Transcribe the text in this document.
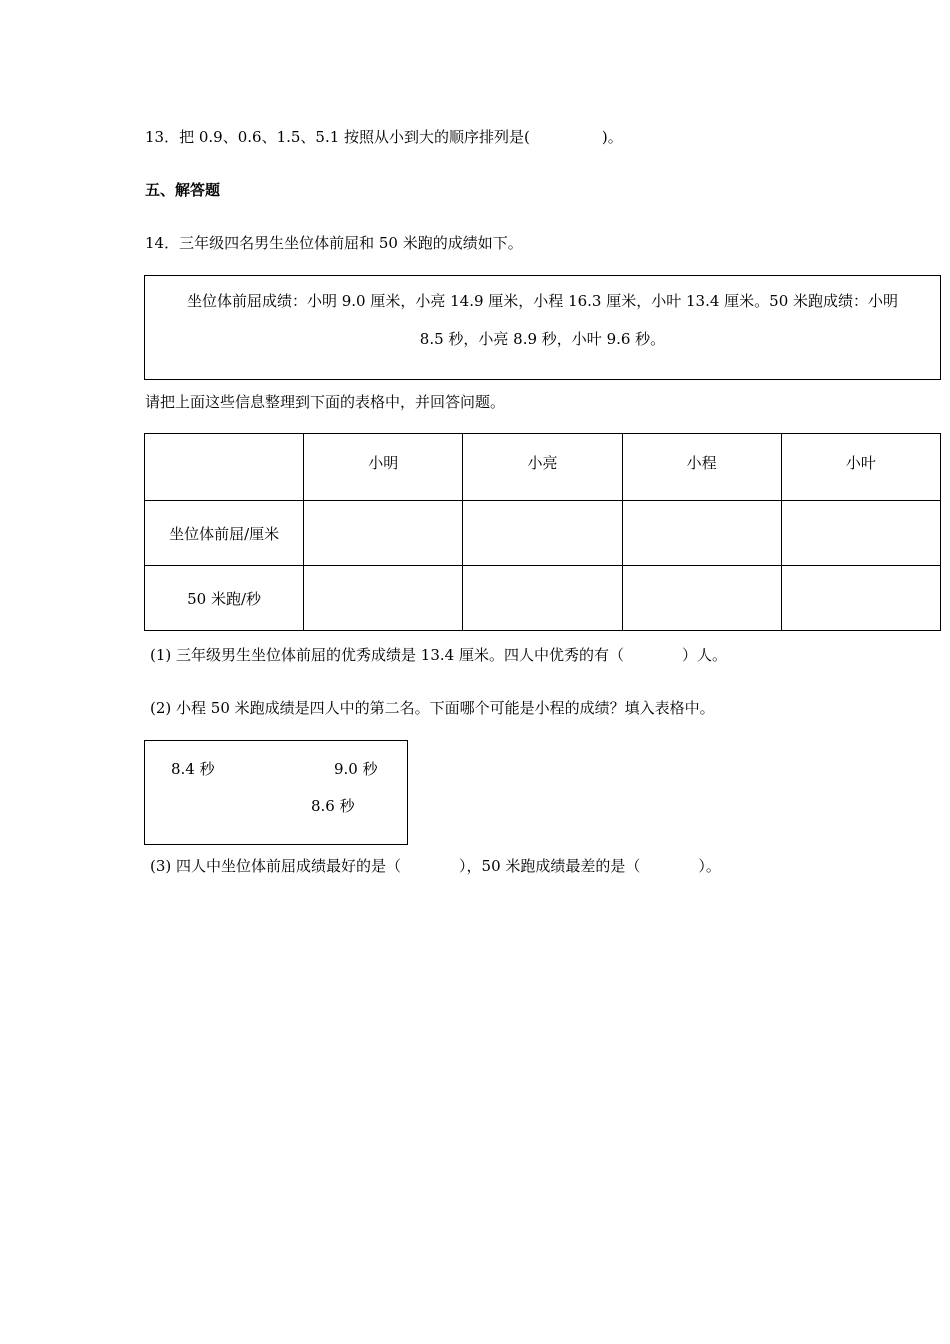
13．把 0.9、0.6、1.5、5.1 按照从小到大的顺序排列是(	)。
五、解答题
14．三年级四名男生坐位体前屈和 50 米跑的成绩如下。
坐位体前屈成绩：小明 9.0 厘米，小亮 14.9 厘米，小程 16.3 厘米，小叶 13.4 厘米。50 米跑成绩：小明
8.5 秒，小亮 8.9 秒，小叶 9.6 秒。
请把上面这些信息整理到下面的表格中，并回答问题。
	小明	小亮	小程	小叶
坐位体前屈/厘米				
50 米跑/秒				
(1) 三年级男生坐位体前屈的优秀成绩是 13.4 厘米。四人中优秀的有（	）人。
(2) 小程 50 米跑成绩是四人中的第二名。下面哪个可能是小程的成绩？填入表格中。
8.4 秒	9.0 秒
8.6 秒
(3) 四人中坐位体前屈成绩最好的是（	），50 米跑成绩最差的是（	）。
